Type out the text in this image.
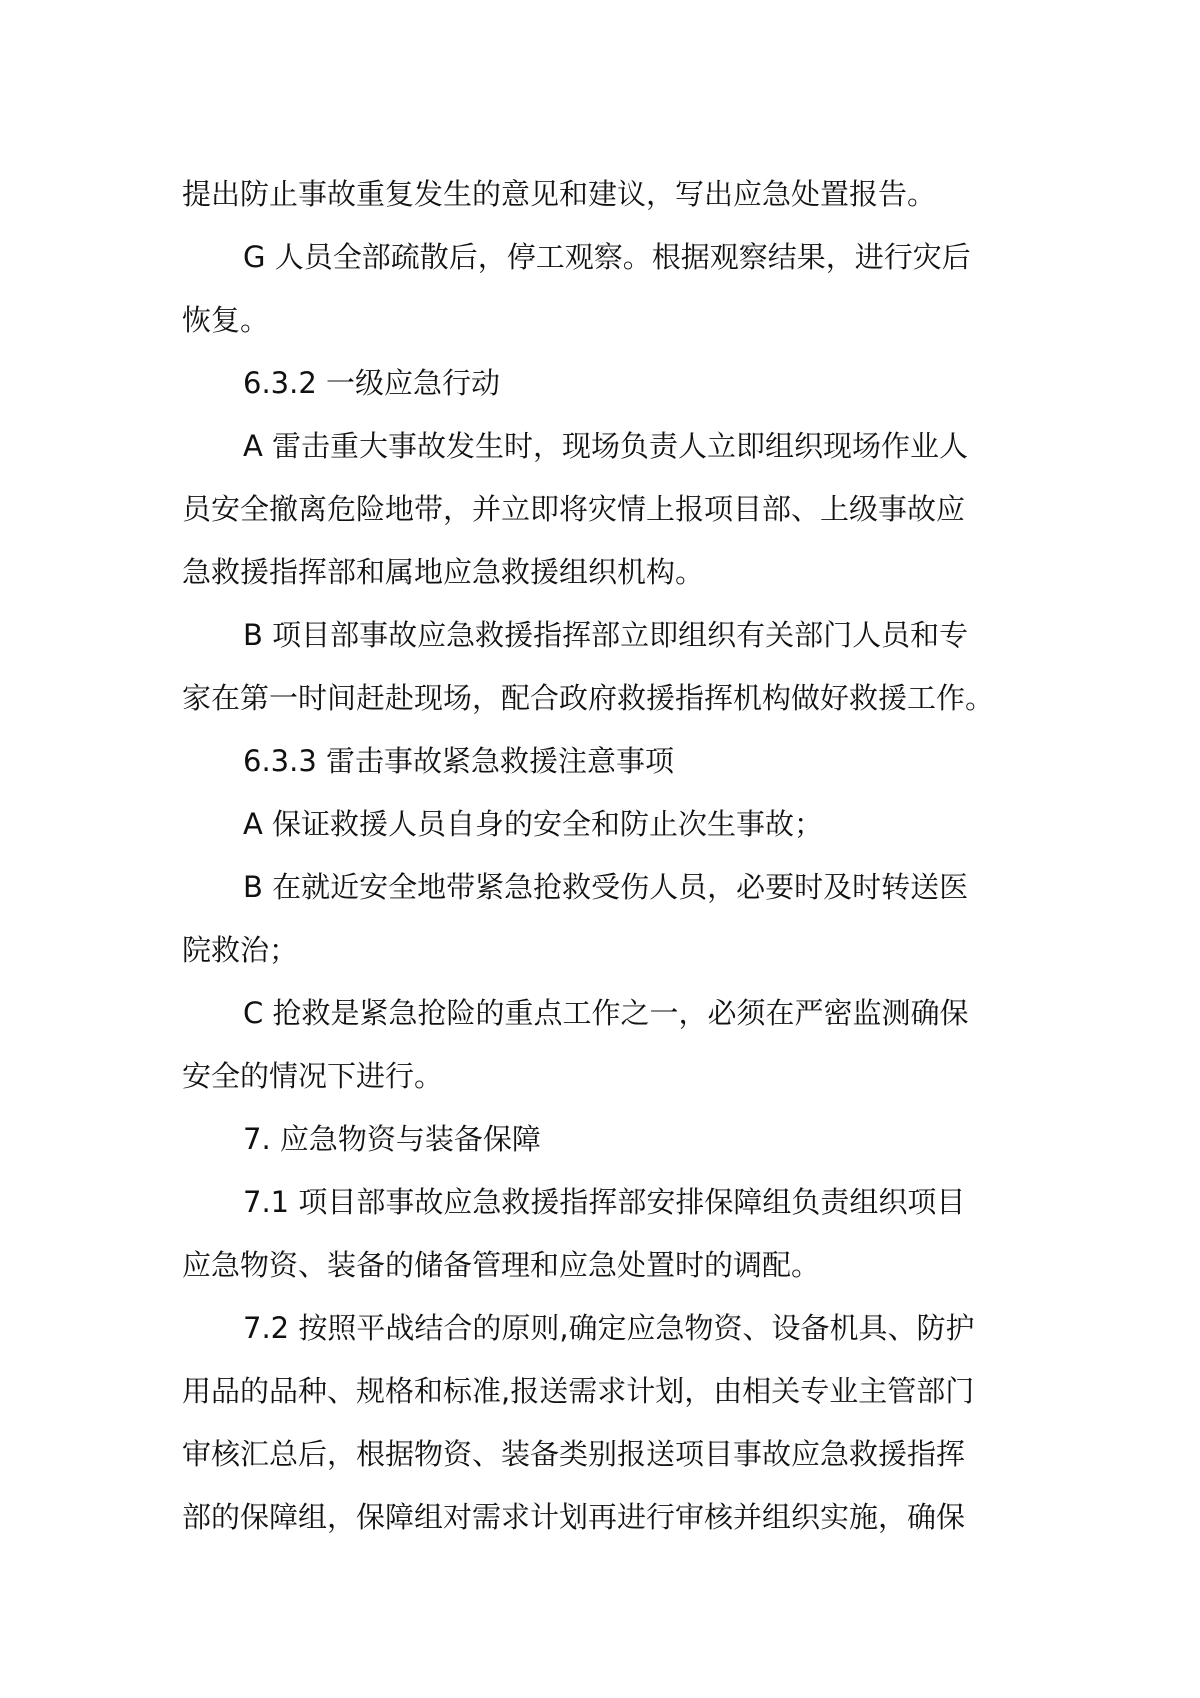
提出防止事故重复发生的意见和建议，写出应急处置报告。
G 人员全部疏散后，停工观察。根据观察结果，进行灾后
恢复。
6.3.2 一级应急行动
A 雷击重大事故发生时，现场负责人立即组织现场作业人
员安全撤离危险地带，并立即将灾情上报项目部、上级事故应
急救援指挥部和属地应急救援组织机构。
B 项目部事故应急救援指挥部立即组织有关部门人员和专
家在第一时间赶赴现场，配合政府救援指挥机构做好救援工作。
6.3.3 雷击事故紧急救援注意事项
A 保证救援人员自身的安全和防止次生事故；
B 在就近安全地带紧急抢救受伤人员，必要时及时转送医
院救治；
C 抢救是紧急抢险的重点工作之一，必须在严密监测确保
安全的情况下进行。
7. 应急物资与装备保障
7.1 项目部事故应急救援指挥部安排保障组负责组织项目
应急物资、装备的储备管理和应急处置时的调配。
7.2 按照平战结合的原则,确定应急物资、设备机具、防护
用品的品种、规格和标准,报送需求计划，由相关专业主管部门
审核汇总后，根据物资、装备类别报送项目事故应急救援指挥
部的保障组，保障组对需求计划再进行审核并组织实施，确保
